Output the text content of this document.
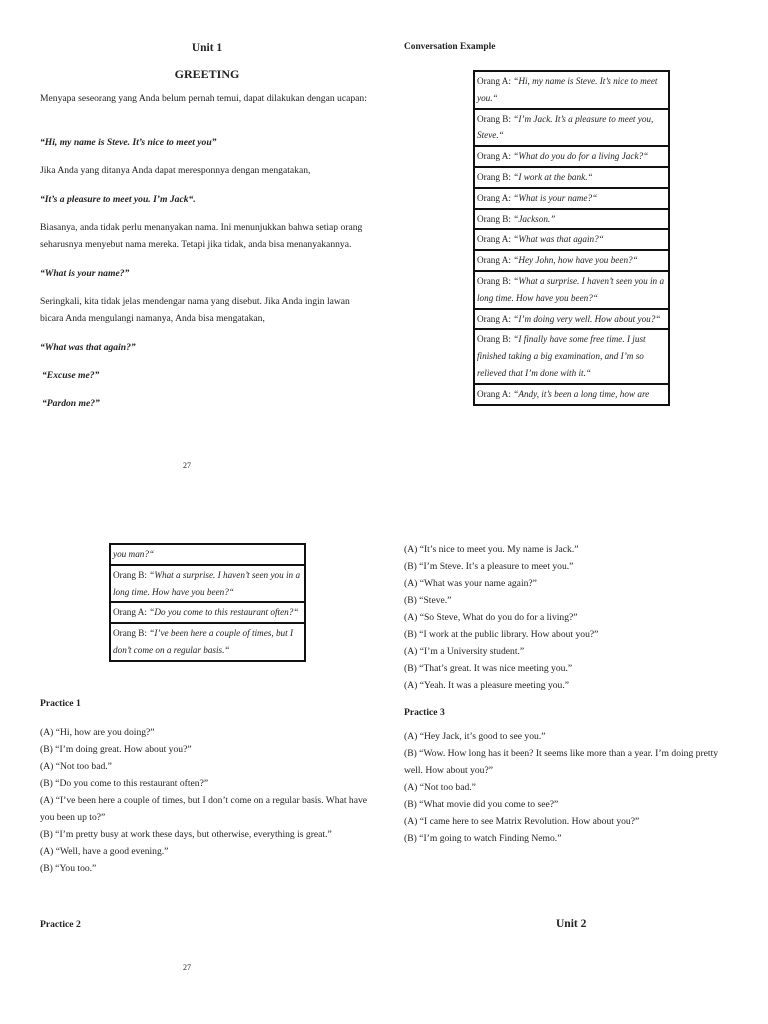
Unit 1
GREETING
Menyapa seseorang yang Anda belum pernah temui, dapat dilakukan dengan ucapan:
“Hi, my name is Steve. It’s nice to meet you”
Jika Anda yang ditanya Anda dapat meresponnya dengan mengatakan,
“It’s a pleasure to meet you. I’m Jack“.
Biasanya, anda tidak perlu menanyakan nama. Ini menunjukkan bahwa setiap orang seharusnya menyebut nama mereka. Tetapi jika tidak, anda bisa menanyakannya.
“What is your name?”
Seringkali, kita tidak jelas mendengar nama yang disebut. Jika Anda ingin lawan bicara Anda mengulangi namanya, Anda bisa mengatakan,
“What was that again?”
“Excuse me?”
“Pardon me?”
27
Conversation Example
Orang A: “Hi, my name is Steve. It’s nice to meet you.“
Orang B: “I’m Jack. It’s a pleasure to meet you, Steve.“
Orang A: “What do you do for a living Jack?“
Orang B: “I work at the bank.“
Orang A: “What is your name?“
Orang B: “Jackson.”
Orang A: “What was that again?“
Orang A: “Hey John, how have you been?“
Orang B: “What a surprise. I haven’t seen you in a long time. How have you been?“
Orang A: “I’m doing very well. How about you?“
Orang B: “I finally have some free time. I just finished taking a big examination, and I’m so relieved that I’m done with it.“
Orang A: “Andy, it’s been a long time, how are
you man?“
Orang B: “What a surprise. I haven’t seen you in a long time. How have you been?“
Orang A: “Do you come to this restaurant often?“
Orang B: “I’ve been here a couple of times, but I don’t come on a regular basis.“
Practice 1
(A) “Hi, how are you doing?”
(B) “I’m doing great. How about you?”
(A) “Not too bad.”
(B) “Do you come to this restaurant often?”
(A) “I’ve been here a couple of times, but I don’t come on a regular basis. What have you been up to?”
(B) “I’m pretty busy at work these days, but otherwise, everything is great.”
(A) “Well, have a good evening.”
(B) “You too.”
Practice 2
27
(A) “It’s nice to meet you. My name is Jack.”
(B) “I’m Steve. It’s a pleasure to meet you.”
(A) “What was your name again?”
(B) “Steve.”
(A) “So Steve, What do you do for a living?”
(B) “I work at the public library. How about you?”
(A) “I’m a University student.”
(B) “That’s great. It was nice meeting you.”
(A) “Yeah. It was a pleasure meeting you.”
Practice 3
(A) “Hey Jack, it’s good to see you.”
(B) “Wow. How long has it been? It seems like more than a year. I’m doing pretty well. How about you?”
(A) “Not too bad.”
(B) “What movie did you come to see?”
(A) “I came here to see Matrix Revolution. How about you?”
(B) “I’m going to watch Finding Nemo.”
Unit 2
